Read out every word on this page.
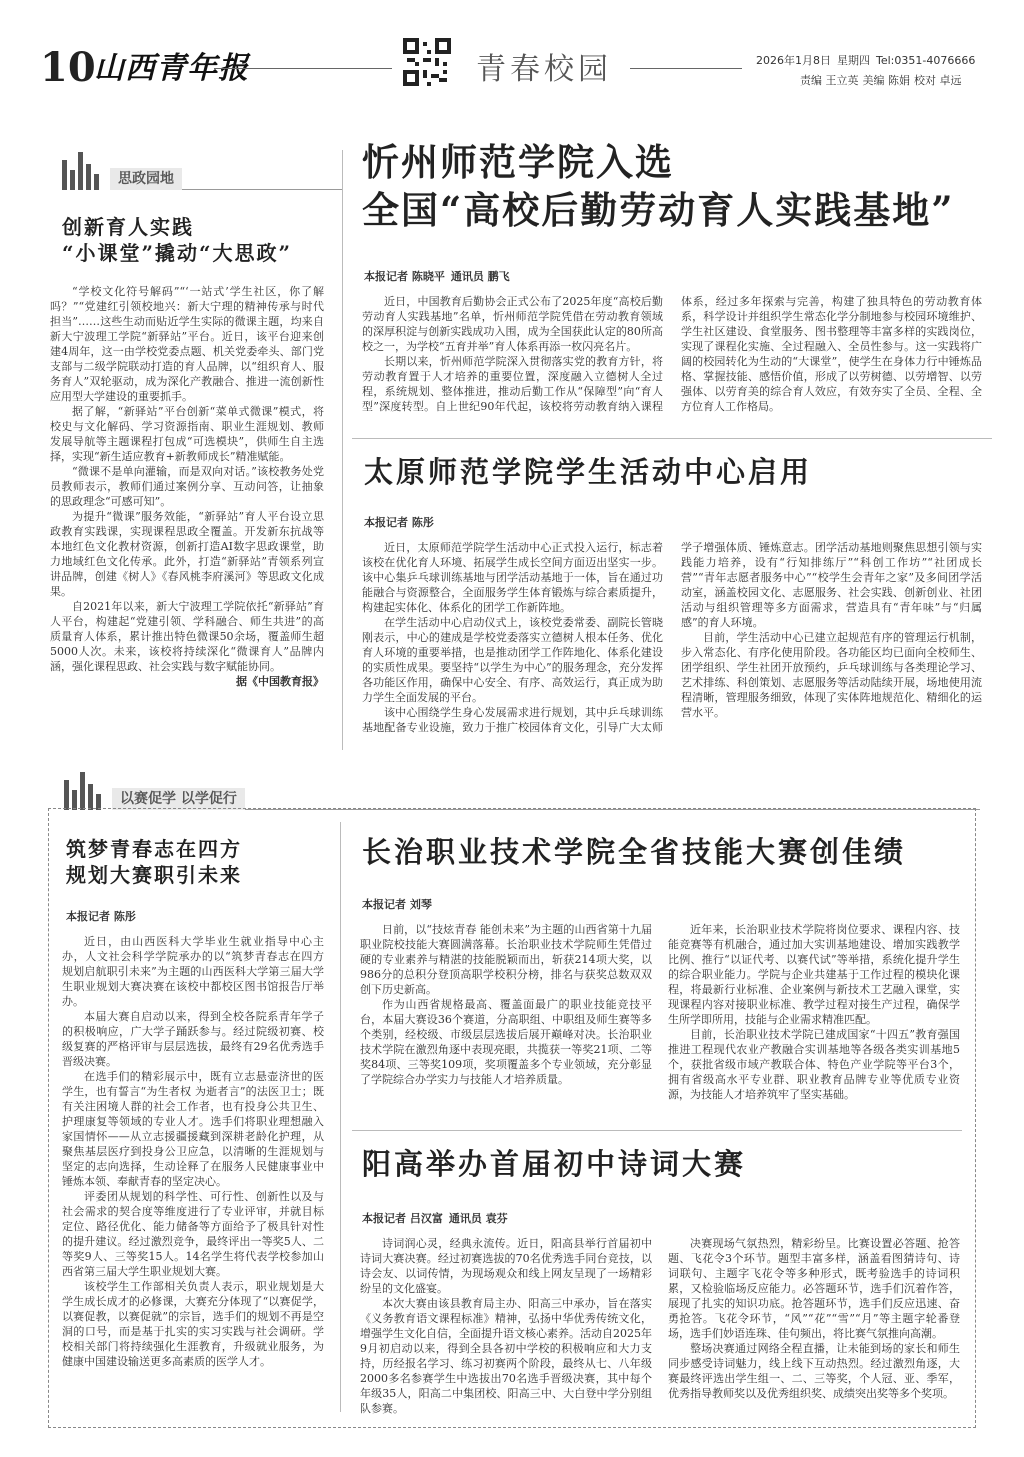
10
山西青年报	青春校园	2026年1月8日 星期四 Tel:0351-4076666
责编 王立英 美编 陈娟 校对 卓远
思政园地
创新育人实践
“小课堂”撬动“大思政”

“学校文化符号解码”“‘一站式’学生社区，你了解吗？”“党建红引领校地兴：新大宁理的精神传承与时代担当”……这些生动而贴近学生实际的微课主题，均来自新大宁波理工学院“新驿站”平台。近日，该平台迎来创建4周年，这一由学校党委点题、机关党委牵头、部门党支部与二级学院联动打造的育人品牌，以“组织育人、服务育人”双轮驱动，成为深化产教融合、推进一流创新性应用型大学建设的重要抓手。

据了解，“新驿站”平台创新“菜单式微课”模式，将校史与文化解码、学习资源指南、职业生涯规划、教师发展导航等主题课程打包成“可选模块”，供师生自主选择，实现“新生适应教育+新教师成长”精准赋能。

“微课不是单向灌输，而是双向对话。”该校教务处党员教师表示，教师们通过案例分享、互动问答，让抽象的思政理念“可感可知”。

为提升“微课”服务效能，“新驿站”育人平台设立思政教育实践课，实现课程思政全覆盖。开发新东抗战等本地红色文化教材资源，创新打造AI数字思政课堂，助力地域红色文化传承。此外，打造“新驿站”青领系列宣讲品牌，创建《树人》《春风桃李府溪河》等思政文化成果。

自2021年以来，新大宁波理工学院依托“新驿站”育人平台，构建起“党建引领、学科融合、师生共进”的高质量育人体系，累计推出特色微课50余场，覆盖师生超5000人次。未来，该校将持续深化“微课育人”品牌内涵，强化课程思政、社会实践与数字赋能协同。

据《中国教育报》
忻州师范学院入选
全国“高校后勤劳动育人实践基地”
本报记者 陈晓平 通讯员 鹏飞

近日，中国教育后勤协会正式公布了2025年度“高校后勤劳动育人实践基地”名单，忻州师范学院凭借在劳动教育领域的深厚积淀与创新实践成功入围，成为全国获此认定的80所高校之一，为学校“五育并举”育人体系再添一枚闪亮名片。

长期以来，忻州师范学院深入贯彻落实党的教育方针，将劳动教育置于人才培养的重要位置，深度融入立德树人全过程，系统规划、整体推进，推动后勤工作从“保障型”向“育人型”深度转型。自上世纪90年代起，该校将劳动教育纳入课程体系，经过多年探索与完善，构建了独具特色的劳动教育体系，科学设计并组织学生常态化学分制地参与校园环境维护、学生社区建设、食堂服务、图书整理等丰富多样的实践岗位，实现了课程化实施、全过程融入、全员性参与。这一实践将广阔的校园转化为生动的“大课堂”，使学生在身体力行中锤炼品格、掌握技能、感悟价值，形成了以劳树德、以劳增智、以劳强体、以劳育美的综合育人效应，有效夯实了全员、全程、全方位育人工作格局。

太原师范学院学生活动中心启用
本报记者 陈彤

近日，太原师范学院学生活动中心正式投入运行，标志着该校在优化育人环境、拓展学生成长空间方面迈出坚实一步。该中心集乒乓球训练基地与团学活动基地于一体，旨在通过功能融合与资源整合，全面服务学生体育锻炼与综合素质提升，构建起实体化、体系化的团学工作新阵地。

在学生活动中心启动仪式上，该校党委常委、副院长管晓刚表示，中心的建成是学校党委落实立德树人根本任务、优化育人环境的重要举措，也是推动团学工作阵地化、体系化建设的实质性成果。要坚持“以学生为中心”的服务理念，充分发挥各功能区作用，确保中心安全、有序、高效运行，真正成为助力学生全面发展的平台。

该中心围绕学生身心发展需求进行规划，其中乒乓球训练基地配备专业设施，致力于推广校园体育文化，引导广大太师学子增强体质、锤炼意志。团学活动基地则聚焦思想引领与实践能力培养，设有“行知排练厅”“科创工作坊”“社团成长营”“青年志愿者服务中心”“校学生会青年之家”及多间团学活动室，涵盖校园文化、志愿服务、社会实践、创新创业、社团活动与组织管理等多方面需求，营造具有“青年味”与“归属感”的育人环境。

目前，学生活动中心已建立起规范有序的管理运行机制，步入常态化、有序化使用阶段。各功能区均已面向全校师生、团学组织、学生社团开放预约，乒乓球训练与各类理论学习、艺术排练、科创策划、志愿服务等活动陆续开展，场地使用流程清晰，管理服务细致，体现了实体阵地规范化、精细化的运营水平。

以赛促学 以学促行
筑梦青春志在四方
规划大赛职引未来
本报记者 陈彤

近日，由山西医科大学毕业生就业指导中心主办，人文社会科学学院承办的以“筑梦青春志在四方 规划启航职引未来”为主题的山西医科大学第三届大学生职业规划大赛决赛在该校中都校区图书馆报告厅举办。

本届大赛自启动以来，得到全校各院系青年学子的积极响应，广大学子踊跃参与。经过院级初赛、校级复赛的严格评审与层层选拔，最终有29名优秀选手晋级决赛。

在选手们的精彩展示中，既有立志悬壶济世的医学生，也有誓言“为生者权 为逝者言”的法医卫士；既有关注困境人群的社会工作者，也有投身公共卫生、护理康复等领域的专业人才。选手们将职业理想融入家国情怀——从立志援疆援藏到深耕老龄化护理，从聚焦基层医疗到投身公卫应急，以清晰的生涯规划与坚定的志向选择，生动诠释了在服务人民健康事业中锤炼本领、奉献青春的坚定决心。

评委团从规划的科学性、可行性、创新性以及与社会需求的契合度等维度进行了专业评审，并就目标定位、路径优化、能力储备等方面给予了极具针对性的提升建议。经过激烈竞争，最终评出一等奖5人、二等奖9人、三等奖15人。14名学生将代表学校参加山西省第三届大学生职业规划大赛。

该校学生工作部相关负责人表示，职业规划是大学生成长成才的必修课，大赛充分体现了“以赛促学，以赛促教，以赛促就”的宗旨，选手们的规划不再是空洞的口号，而是基于扎实的实习实践与社会调研。学校相关部门将持续强化生涯教育，升级就业服务，为健康中国建设输送更多高素质的医学人才。

长治职业技术学院全省技能大赛创佳绩
本报记者 刘琴

日前，以“技炫青春 能创未来”为主题的山西省第十九届职业院校技能大赛圆满落幕。长治职业技术学院师生凭借过硬的专业素养与精湛的技能脱颖而出，斩获214项大奖，以986分的总积分登顶高职学校积分榜，排名与获奖总数双双创下历史新高。

作为山西省规格最高、覆盖面最广的职业技能竞技平台，本届大赛设36个赛道，分高职组、中职组及师生赛等多个类别，经校级、市级层层选拔后展开巅峰对决。长治职业技术学院在激烈角逐中表现亮眼，共揽获一等奖21项、二等奖84项、三等奖109项，奖项覆盖多个专业领域，充分彰显了学院综合办学实力与技能人才培养质量。

近年来，长治职业技术学院将岗位要求、课程内容、技能竞赛等有机融合，通过加大实训基地建设、增加实践教学比例、推行“以证代考、以赛代试”等举措，系统化提升学生的综合职业能力。学院与企业共建基于工作过程的模块化课程，将最新行业标准、企业案例与新技术工艺融入课堂，实现课程内容对接职业标准、教学过程对接生产过程，确保学生所学即所用，技能与企业需求精准匹配。

目前，长治职业技术学院已建成国家“十四五”教育强国推进工程现代农业产教融合实训基地等各级各类实训基地5个，获批省级市域产教联合体、特色产业学院等平台3个，拥有省级高水平专业群、职业教育品牌专业等优质专业资源，为技能人才培养筑牢了坚实基础。

阳高举办首届初中诗词大赛
本报记者 吕汉富 通讯员 袁芬

诗词润心灵，经典永流传。近日，阳高县举行首届初中诗词大赛决赛。经过初赛选拔的70名优秀选手同台竞技，以诗会友、以词传情，为现场观众和线上网友呈现了一场精彩纷呈的文化盛宴。

本次大赛由该县教育局主办、阳高三中承办，旨在落实《义务教育语文课程标准》精神，弘扬中华优秀传统文化，增强学生文化自信，全面提升语文核心素养。活动自2025年9月初启动以来，得到全县各初中学校的积极响应和大力支持，历经报名学习、练习初赛两个阶段，最终从七、八年级2000多名参赛学生中选拔出70名选手晋级决赛，其中每个年级35人，阳高二中集团校、阳高三中、大白登中学分别组队参赛。

决赛现场气氛热烈，精彩纷呈。比赛设置必答题、抢答题、飞花令3个环节。题型丰富多样，涵盖看图猜诗句、诗词联句、主题字飞花令等多种形式，既考验选手的诗词积累，又检验临场反应能力。必答题环节，选手们沉着作答，展现了扎实的知识功底。抢答题环节，选手们反应迅速、奋勇抢答。飞花令环节，“风”“花”“雪”“月”等主题字轮番登场，选手们妙语连珠、佳句频出，将比赛气氛推向高潮。

整场决赛通过网络全程直播，让未能到场的家长和师生同步感受诗词魅力，线上线下互动热烈。经过激烈角逐，大赛最终评选出学生组一、二、三等奖，个人冠、亚、季军，优秀指导教师奖以及优秀组织奖、成绩突出奖等多个奖项。
